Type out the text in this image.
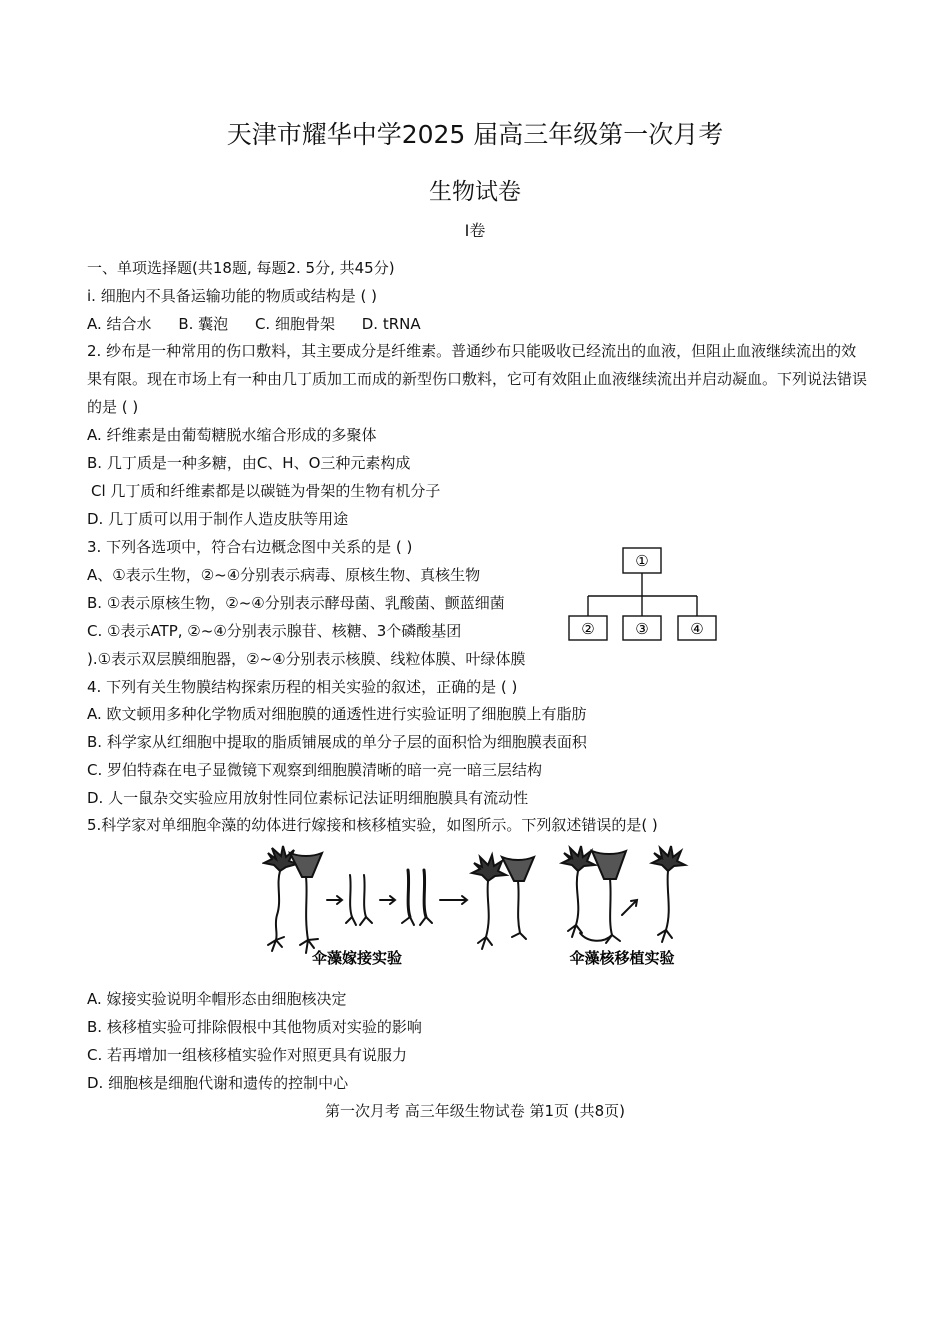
天津市耀华中学2025 届高三年级第一次月考
生物试卷
I卷
一、单项选择题(共18题, 每题2. 5分, 共45分)
i. 细胞内不具备运输功能的物质或结构是 ( )
A. 结合水 B. 囊泡 C. 细胞骨架 D. tRNA
2. 纱布是一种常用的伤口敷料，其主要成分是纤维素。普通纱布只能吸收已经流出的血液，但阻止血液继续流出的效果有限。现在市场上有一种由几丁质加工而成的新型伤口敷料，它可有效阻止血液继续流出并启动凝血。下列说法错误的是 ( )
A. 纤维素是由葡萄糖脱水缩合形成的多聚体
B. 几丁质是一种多糖，由C、H、O三种元素构成
Cl 几丁质和纤维素都是以碳链为骨架的生物有机分子
D. 几丁质可以用于制作人造皮肤等用途
3. 下列各选项中，符合右边概念图中关系的是 ( )
A、①表示生物，②~④分别表示病毒、原核生物、真核生物
B. ①表示原核生物，②~④分别表示酵母菌、乳酸菌、颤蓝细菌
C. ①表示ATP, ②~④分别表示腺苷、核糖、3个磷酸基团
).①表示双层膜细胞器，②~④分别表示核膜、线粒体膜、叶绿体膜
①
②	③	④
4. 下列有关生物膜结构探索历程的相关实验的叙述，正确的是 ( )
A. 欧文顿用多种化学物质对细胞膜的通透性进行实验证明了细胞膜上有脂肪
B. 科学家从红细胞中提取的脂质铺展成的单分子层的面积恰为细胞膜表面积
C. 罗伯特森在电子显微镜下观察到细胞膜清晰的暗一亮一暗三层结构
D. 人一鼠杂交实验应用放射性同位素标记法证明细胞膜具有流动性
5.科学家对单细胞伞藻的幼体进行嫁接和核移植实验，如图所示。下列叙述错误的是( )
伞藻嫁接实验	伞藻核移植实验
A. 嫁接实验说明伞帽形态由细胞核决定
B. 核移植实验可排除假根中其他物质对实验的影响
C. 若再增加一组核移植实验作对照更具有说服力
D. 细胞核是细胞代谢和遗传的控制中心
第一次月考 高三年级生物试卷 第1页 (共8页)
